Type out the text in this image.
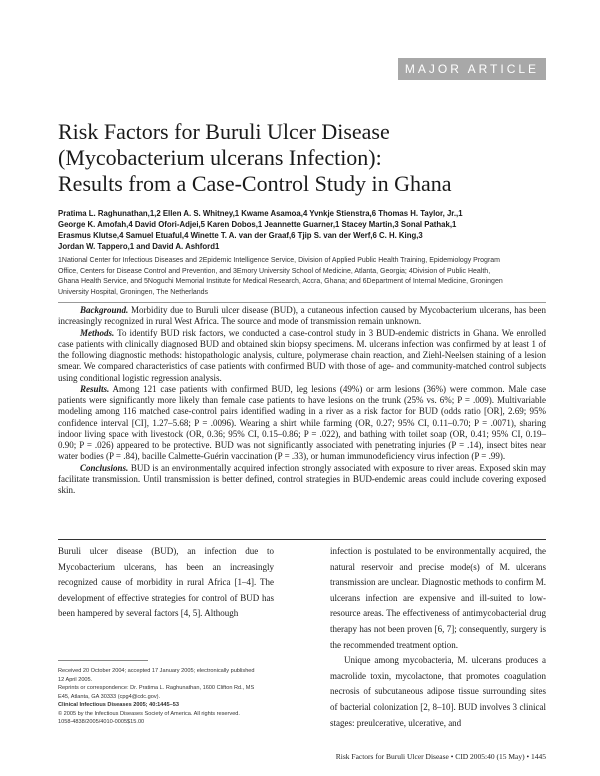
MAJOR ARTICLE
Risk Factors for Buruli Ulcer Disease
(Mycobacterium ulcerans Infection):
Results from a Case-Control Study in Ghana
Pratima L. Raghunathan,1,2 Ellen A. S. Whitney,1 Kwame Asamoa,4 Yvnkje Stienstra,6 Thomas H. Taylor, Jr.,1
George K. Amofah,4 David Ofori-Adjei,5 Karen Dobos,1 Jeannette Guarner,1 Stacey Martin,3 Sonal Pathak,1
Erasmus Klutse,4 Samuel Etuaful,4 Winette T. A. van der Graaf,6 Tjip S. van der Werf,6 C. H. King,3
Jordan W. Tappero,1 and David A. Ashford1
1National Center for Infectious Diseases and 2Epidemic Intelligence Service, Division of Applied Public Health Training, Epidemiology Program
Office, Centers for Disease Control and Prevention, and 3Emory University School of Medicine, Atlanta, Georgia; 4Division of Public Health,
Ghana Health Service, and 5Noguchi Memorial Institute for Medical Research, Accra, Ghana; and 6Department of Internal Medicine, Groningen
University Hospital, Groningen, The Netherlands

Background. Morbidity due to Buruli ulcer disease (BUD), a cutaneous infection caused by Mycobacterium ulcerans, has been increasingly recognized in rural West Africa. The source and mode of transmission remain unknown.

Methods. To identify BUD risk factors, we conducted a case-control study in 3 BUD-endemic districts in Ghana. We enrolled case patients with clinically diagnosed BUD and obtained skin biopsy specimens. M. ulcerans infection was confirmed by at least 1 of the following diagnostic methods: histopathologic analysis, culture, polymerase chain reaction, and Ziehl-Neelsen staining of a lesion smear. We compared characteristics of case patients with confirmed BUD with those of age- and community-matched control subjects using conditional logistic regression analysis.

Results. Among 121 case patients with confirmed BUD, leg lesions (49%) or arm lesions (36%) were common. Male case patients were significantly more likely than female case patients to have lesions on the trunk (25% vs. 6%; P = .009). Multivariable modeling among 116 matched case-control pairs identified wading in a river as a risk factor for BUD (odds ratio [OR], 2.69; 95% confidence interval [CI], 1.27–5.68; P = .0096). Wearing a shirt while farming (OR, 0.27; 95% CI, 0.11–0.70; P = .0071), sharing indoor living space with livestock (OR, 0.36; 95% CI, 0.15–0.86; P = .022), and bathing with toilet soap (OR, 0.41; 95% CI, 0.19–0.90; P = .026) appeared to be protective. BUD was not significantly associated with penetrating injuries (P = .14), insect bites near water bodies (P = .84), bacille Calmette-Guérin vaccination (P = .33), or human immunodeficiency virus infection (P = .99).

Conclusions. BUD is an environmentally acquired infection strongly associated with exposure to river areas. Exposed skin may facilitate transmission. Until transmission is better defined, control strategies in BUD-endemic areas could include covering exposed skin.

Buruli ulcer disease (BUD), an infection due to Mycobacterium ulcerans, has been an increasingly recognized cause of morbidity in rural Africa [1–4]. The development of effective strategies for control of BUD has been hampered by several factors [4, 5]. Although

infection is postulated to be environmentally acquired, the natural reservoir and precise mode(s) of M. ulcerans transmission are unclear. Diagnostic methods to confirm M. ulcerans infection are expensive and ill-suited to low-resource areas. The effectiveness of antimycobacterial drug therapy has not been proven [6, 7]; consequently, surgery is the recommended treatment option.

Unique among mycobacteria, M. ulcerans produces a macrolide toxin, mycolactone, that promotes coagulation necrosis of subcutaneous adipose tissue surrounding sites of bacterial colonization [2, 8–10]. BUD involves 3 clinical stages: preulcerative, ulcerative, and

Received 20 October 2004; accepted 17 January 2005; electronically published
12 April 2005.
Reprints or correspondence: Dr. Pratima L. Raghunathan, 1600 Clifton Rd., MS
E45, Atlanta, GA 30333 (cpg4@cdc.gov).
Clinical Infectious Diseases 2005; 40:1445–53
© 2005 by the Infectious Diseases Society of America. All rights reserved.
1058-4838/2005/4010-0005$15.00
Risk Factors for Buruli Ulcer Disease • CID 2005:40 (15 May) • 1445
